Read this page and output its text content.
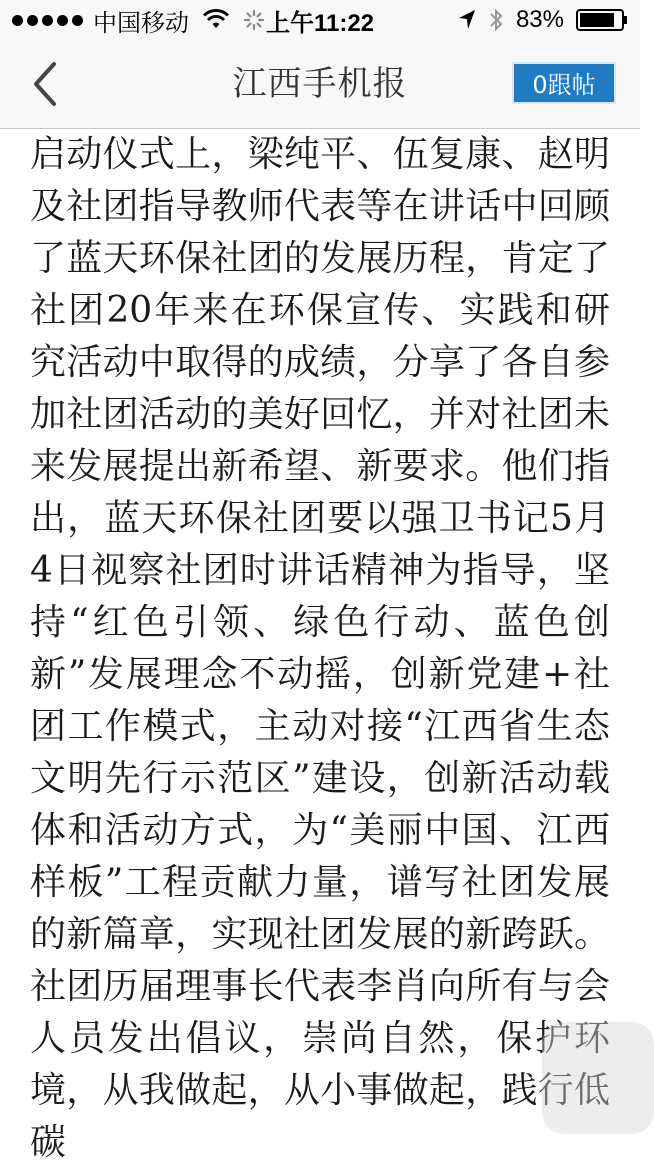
中国移动	上午11:22	83%
江西手机报	0跟帖

启动仪式上，梁纯平、伍复康、赵明及社团指导教师代表等在讲话中回顾了蓝天环保社团的发展历程，肯定了社团20年来在环保宣传、实践和研究活动中取得的成绩，分享了各自参加社团活动的美好回忆，并对社团未来发展提出新希望、新要求。他们指出，蓝天环保社团要以强卫书记5月4日视察社团时讲话精神为指导，坚持“红色引领、绿色行动、蓝色创新”发展理念不动摇，创新党建+社团工作模式，主动对接“江西省生态文明先行示范区”建设，创新活动载体和活动方式，为“美丽中国、江西样板”工程贡献力量，谱写社团发展的新篇章，实现社团发展的新跨跃。社团历届理事长代表李肖向所有与会人员发出倡议，崇尚自然，保护环境，从我做起，从小事做起，践行低碳
